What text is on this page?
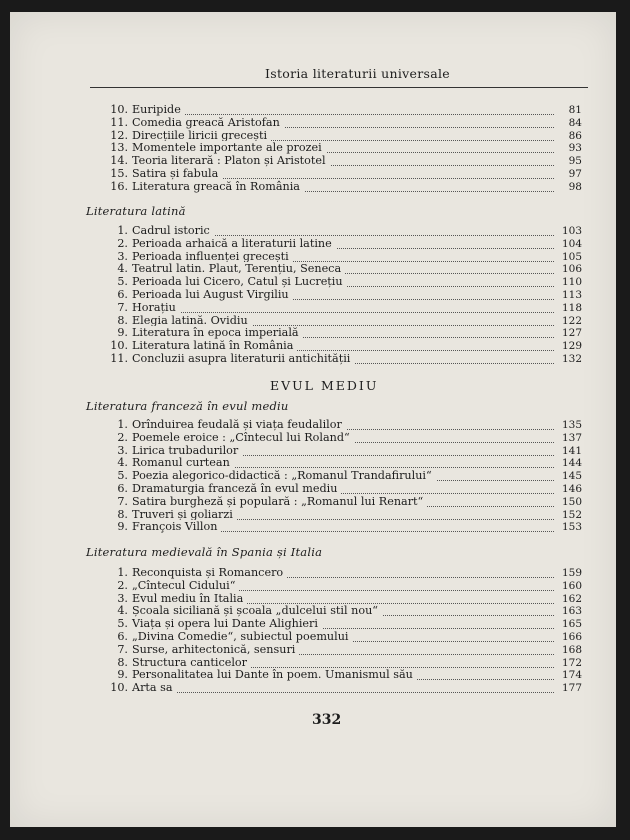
Istoria literaturii universale
10. Euripide	81
11. Comedia greacă Aristofan	84
12. Direcțiile liricii grecești	86
13. Momentele importante ale prozei	93
14. Teoria literară : Platon și Aristotel	95
15. Satira și fabula	97
16. Literatura greacă în România	98
Literatura latină
1. Cadrul istoric	103
2. Perioada arhaică a literaturii latine	104
3. Perioada influenței grecești	105
4. Teatrul latin. Plaut, Terențiu, Seneca	106
5. Perioada lui Cicero, Catul și Lucrețiu	110
6. Perioada lui August Virgiliu	113
7. Horațiu	118
8. Elegia latină. Ovidiu	122
9. Literatura în epoca imperială	127
10. Literatura latină în România	129
11. Concluzii asupra literaturii antichității	132
EVUL MEDIU
Literatura franceză în evul mediu
1. Orînduirea feudală și viața feudalilor	135
2. Poemele eroice : „Cîntecul lui Roland“	137
3. Lirica trubadurilor	141
4. Romanul curtean	144
5. Poezia alegorico-didactică : „Romanul Trandafirului“	145
6. Dramaturgia franceză în evul mediu	146
7. Satira burgheză și populară : „Romanul lui Renart“	150
8. Truveri și goliarzi	152
9. François Villon	153
Literatura medievală în Spania și Italia
1. Reconquista și Romancero	159
2. „Cîntecul Cidului“	160
3. Evul mediu în Italia	162
4. Școala siciliană și școala „dulcelui stil nou“	163
5. Viața și opera lui Dante Alighieri	165
6. „Divina Comedie“, subiectul poemului	166
7. Surse, arhitectonică, sensuri	168
8. Structura canticelor	172
9. Personalitatea lui Dante în poem. Umanismul său	174
10. Arta sa	177
332
